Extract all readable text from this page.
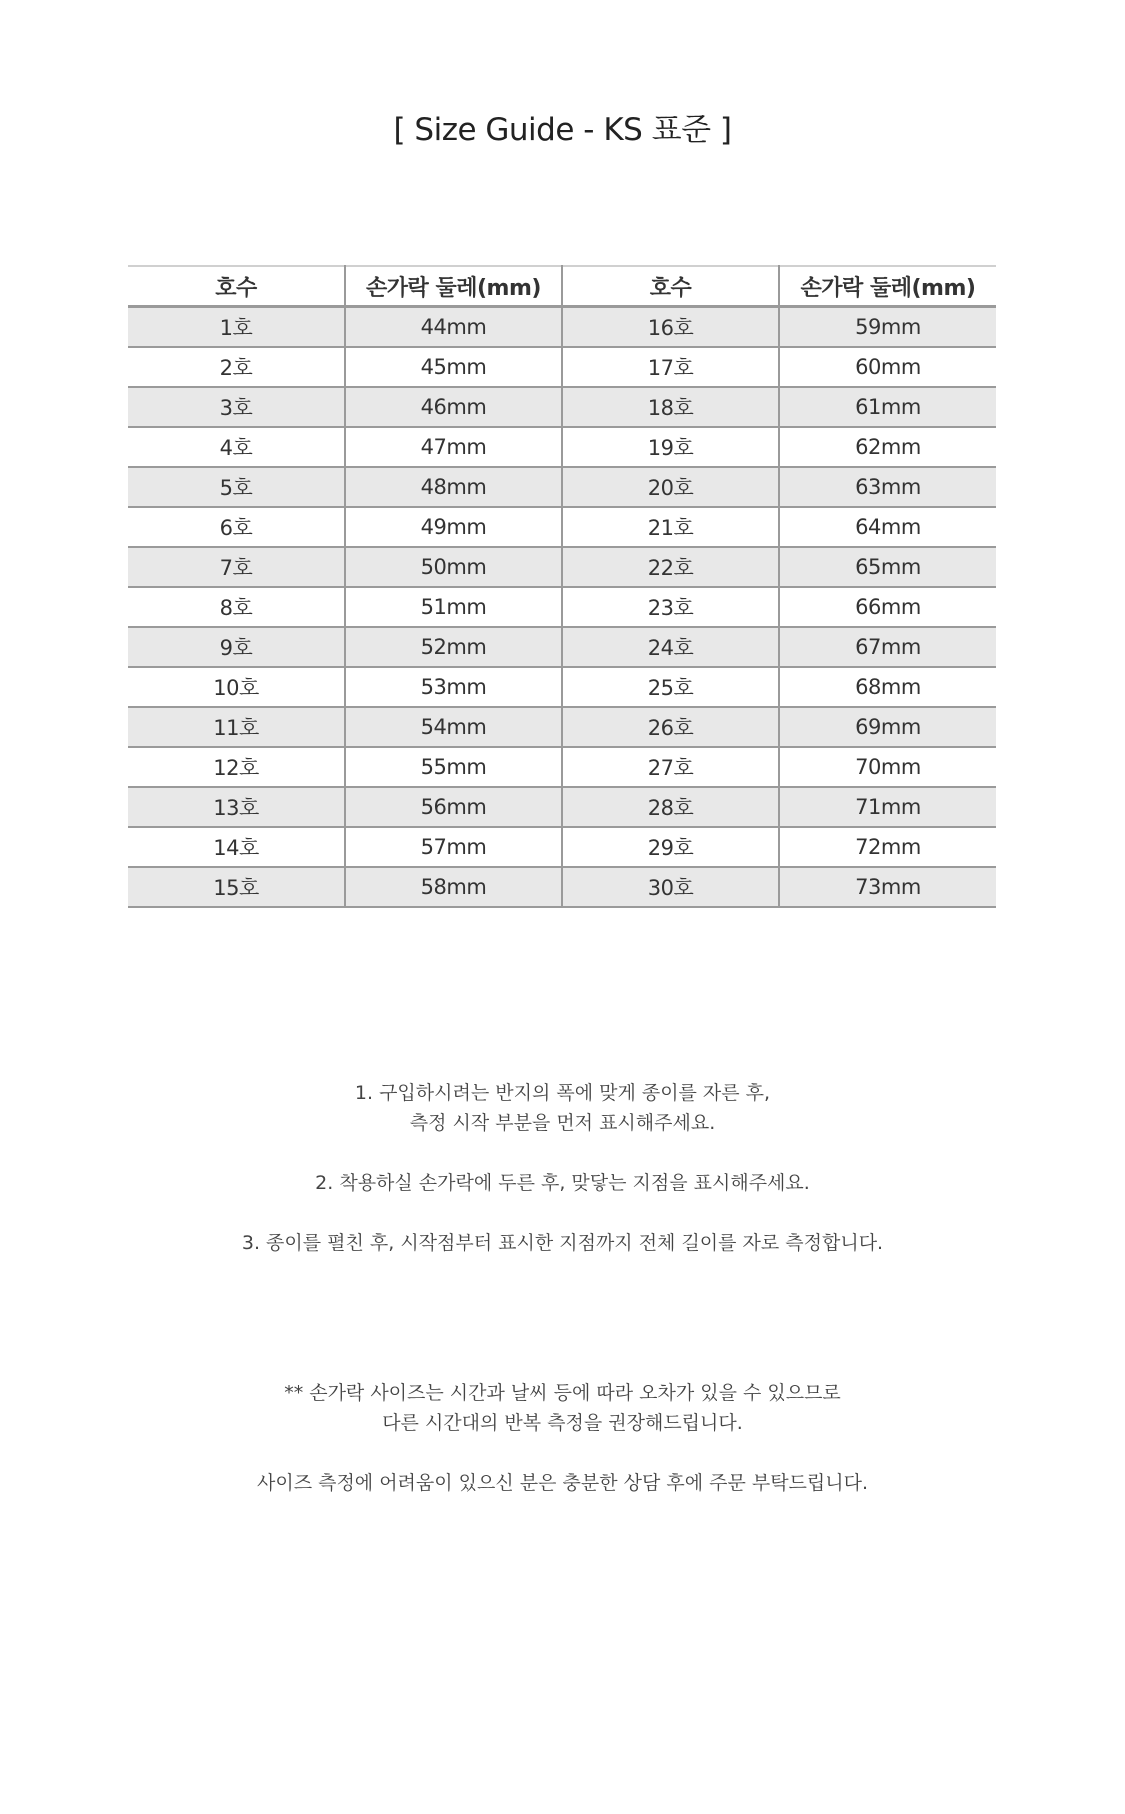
[ Size Guide - KS 표준 ]
호수	손가락 둘레(mm)	호수	손가락 둘레(mm)
1호	44mm	16호	59mm
2호	45mm	17호	60mm
3호	46mm	18호	61mm
4호	47mm	19호	62mm
5호	48mm	20호	63mm
6호	49mm	21호	64mm
7호	50mm	22호	65mm
8호	51mm	23호	66mm
9호	52mm	24호	67mm
10호	53mm	25호	68mm
11호	54mm	26호	69mm
12호	55mm	27호	70mm
13호	56mm	28호	71mm
14호	57mm	29호	72mm
15호	58mm	30호	73mm

1. 구입하시려는 반지의 폭에 맞게 종이를 자른 후,

측정 시작 부분을 먼저 표시해주세요.

2. 착용하실 손가락에 두른 후, 맞닿는 지점을 표시해주세요.

3. 종이를 펼친 후, 시작점부터 표시한 지점까지 전체 길이를 자로 측정합니다.

** 손가락 사이즈는 시간과 날씨 등에 따라 오차가 있을 수 있으므로

다른 시간대의 반복 측정을 권장해드립니다.

사이즈 측정에 어려움이 있으신 분은 충분한 상담 후에 주문 부탁드립니다.
